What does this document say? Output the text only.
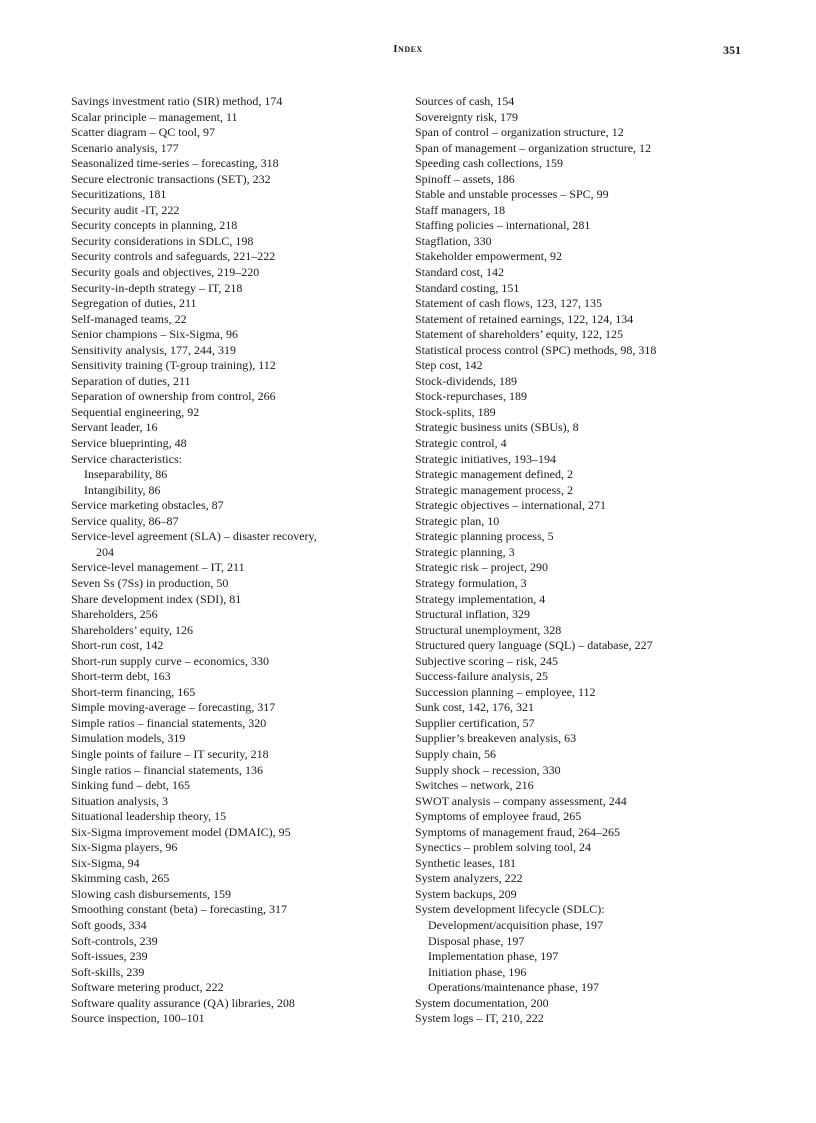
Index	351

Savings investment ratio (SIR) method, 174

Scalar principle – management, 11

Scatter diagram – QC tool, 97

Scenario analysis, 177

Seasonalized time-series – forecasting, 318

Secure electronic transactions (SET), 232

Securitizations, 181

Security audit -IT, 222

Security concepts in planning, 218

Security considerations in SDLC, 198

Security controls and safeguards, 221–222

Security goals and objectives, 219–220

Security-in-depth strategy – IT, 218

Segregation of duties, 211

Self-managed teams, 22

Senior champions – Six-Sigma, 96

Sensitivity analysis, 177, 244, 319

Sensitivity training (T-group training), 112

Separation of duties, 211

Separation of ownership from control, 266

Sequential engineering, 92

Servant leader, 16

Service blueprinting, 48

Service characteristics:

Inseparability, 86

Intangibility, 86

Service marketing obstacles, 87

Service quality, 86–87

Service-level agreement (SLA) – disaster recovery,

204

Service-level management – IT, 211

Seven Ss (7Ss) in production, 50

Share development index (SDI), 81

Shareholders, 256

Shareholders’ equity, 126

Short-run cost, 142

Short-run supply curve – economics, 330

Short-term debt, 163

Short-term financing, 165

Simple moving-average – forecasting, 317

Simple ratios – financial statements, 320

Simulation models, 319

Single points of failure – IT security, 218

Single ratios – financial statements, 136

Sinking fund – debt, 165

Situation analysis, 3

Situational leadership theory, 15

Six-Sigma improvement model (DMAIC), 95

Six-Sigma players, 96

Six-Sigma, 94

Skimming cash, 265

Slowing cash disbursements, 159

Smoothing constant (beta) – forecasting, 317

Soft goods, 334

Soft-controls, 239

Soft-issues, 239

Soft-skills, 239

Software metering product, 222

Software quality assurance (QA) libraries, 208

Source inspection, 100–101

Sources of cash, 154

Sovereignty risk, 179

Span of control – organization structure, 12

Span of management – organization structure, 12

Speeding cash collections, 159

Spinoff – assets, 186

Stable and unstable processes – SPC, 99

Staff managers, 18

Staffing policies – international, 281

Stagflation, 330

Stakeholder empowerment, 92

Standard cost, 142

Standard costing, 151

Statement of cash flows, 123, 127, 135

Statement of retained earnings, 122, 124, 134

Statement of shareholders’ equity, 122, 125

Statistical process control (SPC) methods, 98, 318

Step cost, 142

Stock-dividends, 189

Stock-repurchases, 189

Stock-splits, 189

Strategic business units (SBUs), 8

Strategic control, 4

Strategic initiatives, 193–194

Strategic management defined, 2

Strategic management process, 2

Strategic objectives – international, 271

Strategic plan, 10

Strategic planning process, 5

Strategic planning, 3

Strategic risk – project, 290

Strategy formulation, 3

Strategy implementation, 4

Structural inflation, 329

Structural unemployment, 328

Structured query language (SQL) – database, 227

Subjective scoring – risk, 245

Success-failure analysis, 25

Succession planning – employee, 112

Sunk cost, 142, 176, 321

Supplier certification, 57

Supplier’s breakeven analysis, 63

Supply chain, 56

Supply shock – recession, 330

Switches – network, 216

SWOT analysis – company assessment, 244

Symptoms of employee fraud, 265

Symptoms of management fraud, 264–265

Synectics – problem solving tool, 24

Synthetic leases, 181

System analyzers, 222

System backups, 209

System development lifecycle (SDLC):

Development/acquisition phase, 197

Disposal phase, 197

Implementation phase, 197

Initiation phase, 196

Operations/maintenance phase, 197

System documentation, 200

System logs – IT, 210, 222
